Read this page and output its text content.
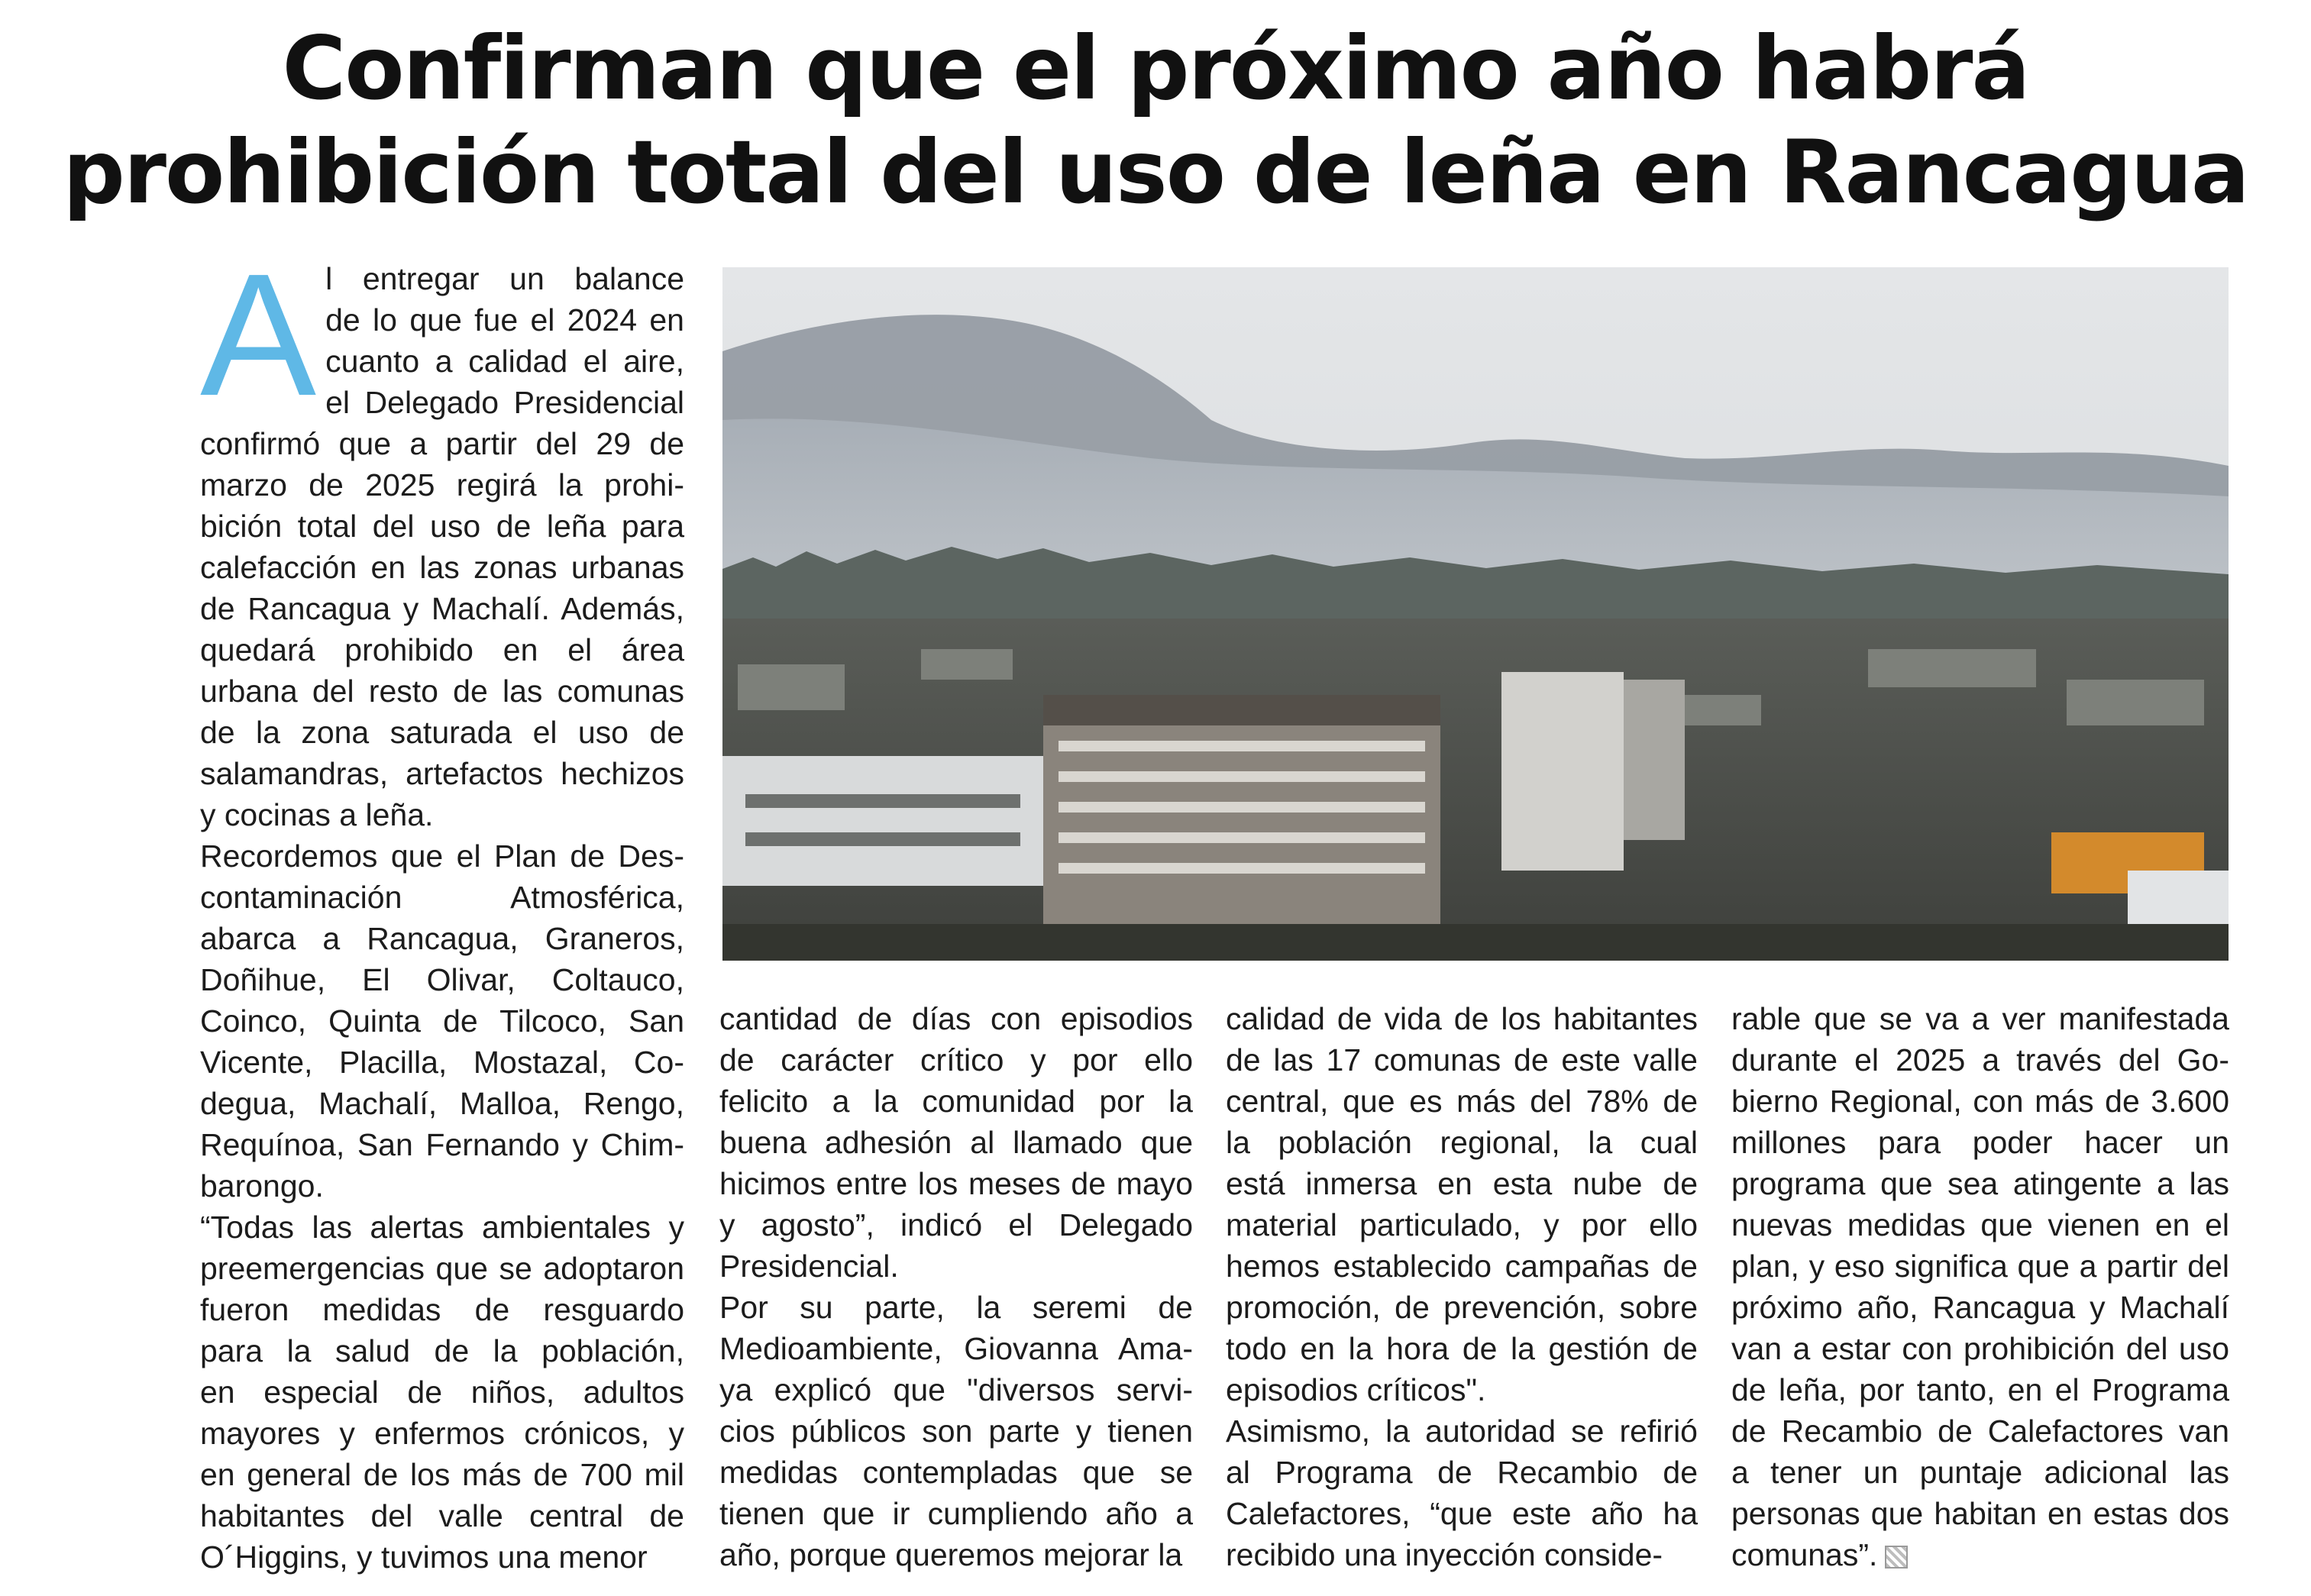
Confirman que el próximo año habrá
prohibición total del uso de leña en Rancagua
A l entregar un balance
de lo que fue el 2024 en
cuanto a calidad el aire,
el Delegado Presidencial
confirmó que a partir del 29 de
marzo de 2025 regirá la prohi-
bición total del uso de leña para
calefacción en las zonas urbanas
de Rancagua y Machalí. Además,
quedará prohibido en el área
urbana del resto de las comunas
de la zona saturada el uso de
salamandras, artefactos hechizos
y cocinas a leña.
Recordemos que el Plan de Des-
contaminación Atmosférica,
abarca a Rancagua, Graneros,
Doñihue, El Olivar, Coltauco,
Coinco, Quinta de Tilcoco, San
Vicente, Placilla, Mostazal, Co-
degua, Machalí, Malloa, Rengo,
Requínoa, San Fernando y Chim-
barongo.
“Todas las alertas ambientales y
preemergencias que se adoptaron
fueron medidas de resguardo
para la salud de la población,
en especial de niños, adultos
mayores y enfermos crónicos, y
en general de los más de 700 mil
habitantes del valle central de
O´Higgins, y tuvimos una menor
cantidad de días con episodios
de carácter crítico y por ello
felicito a la comunidad por la
buena adhesión al llamado que
hicimos entre los meses de mayo
y agosto”, indicó el Delegado
Presidencial.
Por su parte, la seremi de
Medioambiente, Giovanna Ama-
ya explicó que "diversos servi-
cios públicos son parte y tienen
medidas contempladas que se
tienen que ir cumpliendo año a
año, porque queremos mejorar la
calidad de vida de los habitantes
de las 17 comunas de este valle
central, que es más del 78% de
la población regional, la cual
está inmersa en esta nube de
material particulado, y por ello
hemos establecido campañas de
promoción, de prevención, sobre
todo en la hora de la gestión de
episodios críticos".
Asimismo, la autoridad se refirió
al Programa de Recambio de
Calefactores, “que este año ha
recibido una inyección conside-
rable que se va a ver manifestada
durante el 2025 a través del Go-
bierno Regional, con más de 3.600
millones para poder hacer un
programa que sea atingente a las
nuevas medidas que vienen en el
plan, y eso significa que a partir del
próximo año, Rancagua y Machalí
van a estar con prohibición del uso
de leña, por tanto, en el Programa
de Recambio de Calefactores van
a tener un puntaje adicional las
personas que habitan en estas dos
comunas”.
